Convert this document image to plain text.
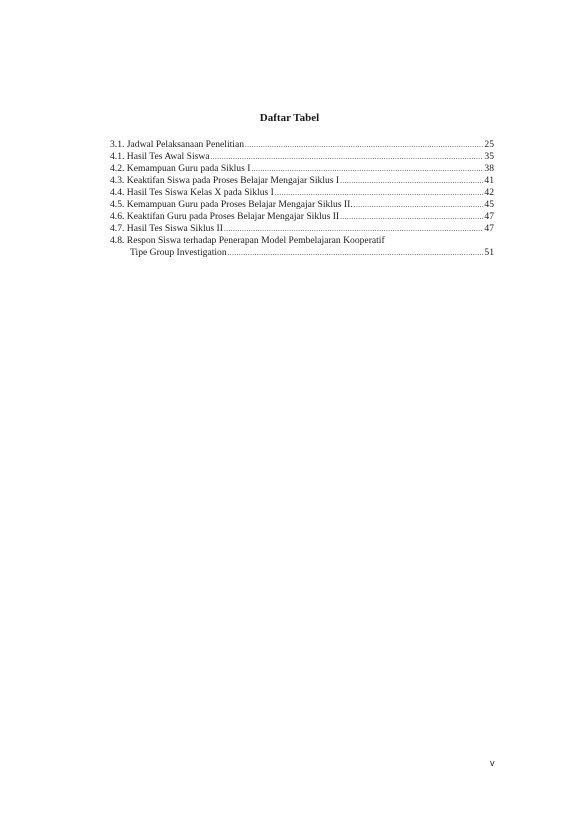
Daftar Tabel
3.1. Jadwal Pelaksanaan Penelitian .....	25
4.1. Hasil Tes Awal Siswa .....	35
4.2. Kemampuan Guru pada Siklus I .....	38
4.3. Keaktifan Siswa pada Proses Belajar Mengajar Siklus I .....	41
4.4. Hasil Tes Siswa Kelas X pada Siklus I .....	42
4.5. Kemampuan Guru pada Proses Belajar Mengajar Siklus II. .....	45
4.6. Keaktifan Guru pada Proses Belajar Mengajar Siklus II .....	47
4.7. Hasil Tes Siswa Siklus II .....	47
4.8. Respon Siswa terhadap Penerapan Model Pembelajaran Kooperatif
Tipe Group Investigation .....	51
v
